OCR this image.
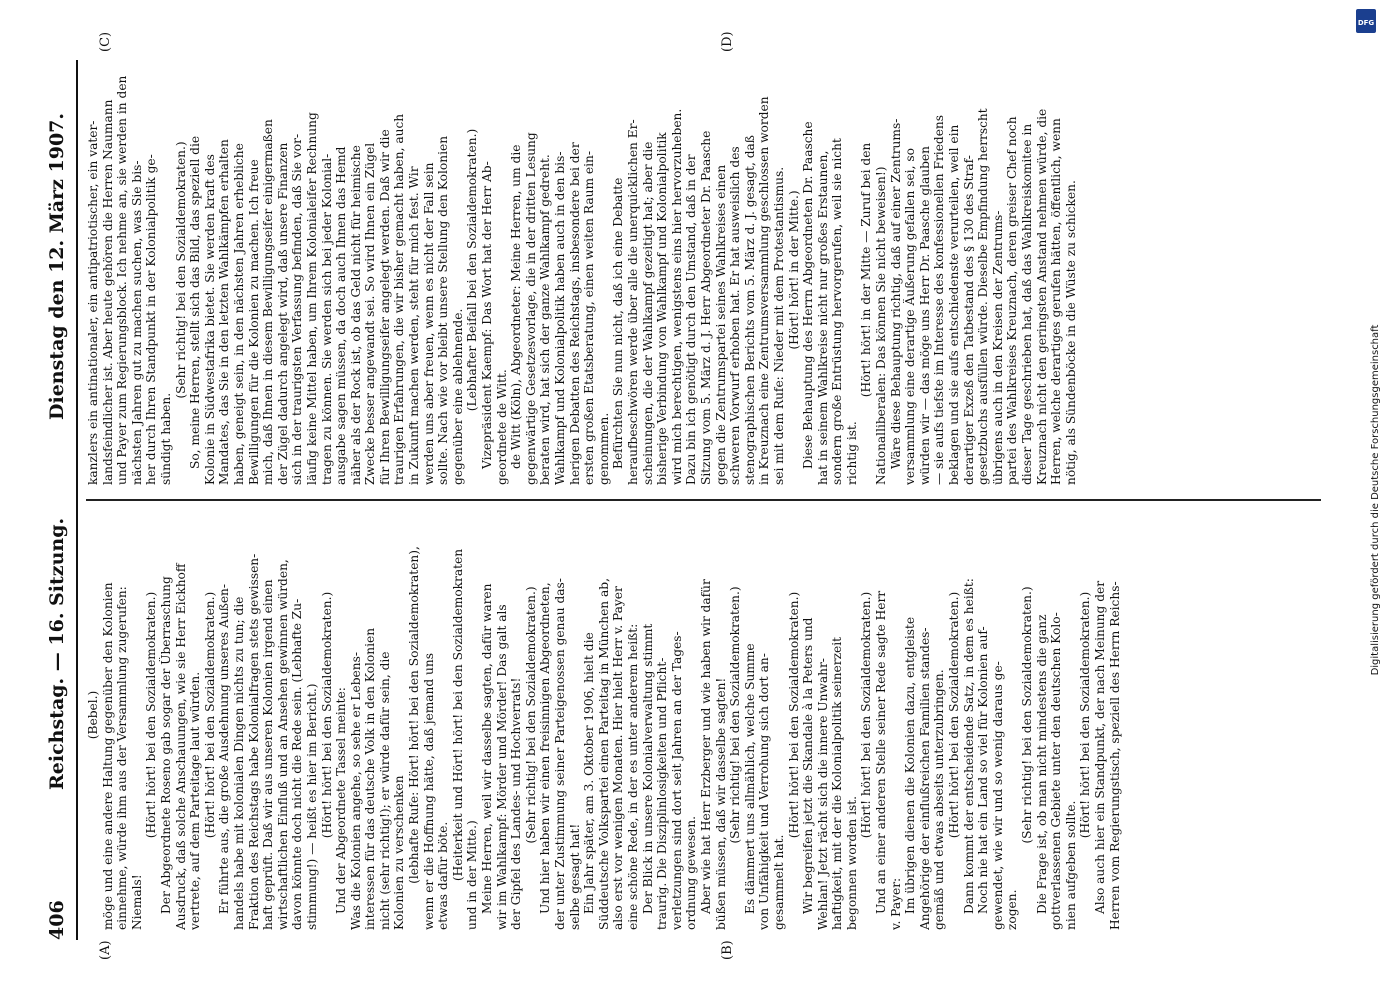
406
Reichstag. — 16. Sitzung.
Dienstag den 12. März 1907.
(Bebel.) möge und eine andere Haltung gegenüber den Kolonien einnehme, würde ihm aus der Versammlung zugerufen: Niemals!
(Hört! hört! bei den Sozialdemokraten.) Der Abgeordnete Roseno gab sogar der Überraschung Ausdruck, daß solche Anschauungen, wie sie Herr Eickhoff vertrete, auf dem Parteitage laut würden. (Hört! hört! bei den Sozialdemokraten.) Er führte aus, die große Ausdehnung unseres Außen- handels habe mit kolonialen Dingen nichts zu tun; die Fraktion des Reichstags habe Kolonialfragen stets gewissen- haft geprüft. Daß wir aus unseren Kolonien irgend einen wirtschaftlichen Einfluß und an Ansehen gewinnen würden, davon könnte doch nicht die Rede sein. (Lebhafte Zu- stimmung!) — heißt es hier im Bericht.) (Hört! hört! bei den Sozialdemokraten.) Und der Abgeordnete Tassel meinte: Was die Kolonien angehe, so sehe er Lebens- interessen für das deutsche Volk in den Kolonien nicht (sehr richtig!); er würde dafür sein, die Kolonien zu verschenken (lebhafte Rufe: Hört! hört! bei den Sozialdemokraten), wenn er die Hoffnung hätte, daß jemand uns etwas dafür böte. (Heiterkeit und Hört! hört! bei den Sozialdemokraten und in der Mitte.) Meine Herren, weil wir dasselbe sagten, dafür waren wir im Wahlkampf: Mörder und Mörder! Das galt als der Gipfel des Landes- und Hochverrats! (Sehr richtig! bei den Sozialdemokraten.) Und hier haben wir einen freisinnigen Abgeordneten, der unter Zustimmung seiner Parteigenossen genau das- selbe gesagt hat! Ein Jahr später, am 3. Oktober 1906, hielt die Süddeutsche Volkspartei einen Parteitag in München ab, also erst vor wenigen Monaten. Hier hielt Herr v. Payer eine schöne Rede, in der es unter anderem heißt: Der Blick in unsere Kolonialverwaltung stimmt traurig. Die Disziplinlosigkeiten und Pflicht- verletzungen sind dort seit Jahren an der Tages- ordnung gewesen. Aber wie hat Herr Erzberger und wie haben wir dafür büßen müssen, daß wir dasselbe sagten! (Sehr richtig! bei den Sozialdemokraten.) Es dämmert uns allmählich, welche Summe von Unfähigkeit und Verrohung sich dort an- gesammelt hat.
(Hört! hört! bei den Sozialdemokraten.) Wir begreifen jetzt die Skandale à la Peters und Wehlan! Jetzt rächt sich die innere Unwahr- haftigkeit, mit der die Kolonialpolitik seinerzeit begonnen worden ist.
(Hört! hört! bei den Sozialdemokraten.) Und an einer anderen Stelle seiner Rede sagte Herr v. Payer: Im übrigen dienen die Kolonien dazu, entgleiste Angehörige der einflußreichen Familien standes- gemäß und etwas abseits unterzubringen. (Hört! hört! bei den Sozialdemokraten.) Dann kommt der entscheidende Satz, in dem es heißt: Noch nie hat ein Land so viel für Kolonien auf- gewendet, wie wir und so wenig daraus ge- zogen.
(Sehr richtig! bei den Sozialdemokraten.) Die Frage ist, ob man nicht mindestens die ganz gottverlassenen Gebiete unter den deutschen Kolo- nien aufgeben sollte.
(Hört! hört! bei den Sozialdemokraten.) Also auch hier ein Standpunkt, der nach Meinung der Herren vom Regierungstisch, speziell des Herrn Reichs-
kanzlers ein antinationaler, ein antipatriotischer, ein vater- landsfeindlicher ist. Aber heute gehören die Herren Naumann und Payer zum Regierungsblock. Ich nehme an, sie werden in den nächsten Jahren gut zu machen suchen, was Sie bis- her durch Ihren Standpunkt in der Kolonialpolitik ge- sündigt haben.
(Sehr richtig! bei den Sozialdemokraten.) So, meine Herren, stellt sich das Bild, das speziell die Kolonie in Südwestafrika bietet. Sie werden kraft des Mandates, das Sie in den letzten Wahlkämpfen erhalten haben, geneigt sein, in den nächsten Jahren erhebliche Bewilligungen für die Kolonien zu machen. Ich freue mich, daß Ihnen in diesem Bewilligungseifer einigermaßen der Zügel dadurch angelegt wird, daß unsere Finanzen sich in der traurigsten Verfassung befinden, daß Sie vor- läufig keine Mittel haben, um Ihrem Kolonialeifer Rechnung tragen zu können. Sie werden sich bei jeder Kolonial- ausgabe sagen müssen, da doch auch Ihnen das Hemd näher als der Rock ist, ob das Geld nicht für heimische Zwecke besser angewandt sei. So wird Ihnen ein Zügel für Ihren Bewilligungseifer angelegt werden. Daß wir die traurigen Erfahrungen, die wir bisher gemacht haben, auch in Zukunft machen werden, steht für mich fest. Wir werden uns aber freuen, wenn es nicht der Fall sein sollte. Nach wie vor bleibt unsere Stellung den Kolonien gegenüber eine ablehnende. (Lebhafter Beifall bei den Sozialdemokraten.) Vizepräsident Kaempf: Das Wort hat der Herr Ab- geordnete de Witt. de Witt (Köln), Abgeordneter: Meine Herren, um die gegenwärtige Gesetzesvorlage, die in der dritten Lesung beraten wird, hat sich der ganze Wahlkampf gedreht. Wahlkampf und Kolonialpolitik haben auch in den bis- herigen Debatten des Reichstags, insbesondere bei der ersten großen Etatsberatung, einen weiten Raum ein- genommen. Befürchten Sie nun nicht, daß ich eine Debatte heraufbeschwören werde über alle die unerquicklichen Er- scheinungen, die der Wahlkampf gezeitigt hat; aber die bisherige Verbindung von Wahlkampf und Kolonialpolitik wird mich berechtigen, wenigstens eins hier hervorzuheben. Dazu bin ich genötigt durch den Umstand, daß in der Sitzung vom 5. März d. J. Herr Abgeordneter Dr. Paasche gegen die Zentrumspartei seines Wahlkreises einen schweren Vorwurf erhoben hat. Er hat ausweislich des stenographischen Berichts vom 5. März d. J. gesagt, daß in Kreuznach eine Zentrumsversammlung geschlossen worden sei mit dem Rufe: Nieder mit dem Protestantismus. (Hört! hört! in der Mitte.) Diese Behauptung des Herrn Abgeordneten Dr. Paasche hat in seinem Wahlkreise nicht nur großes Erstaunen, sondern große Entrüstung hervorgerufen, weil sie nicht richtig ist.
(Hört! hört! in der Mitte — Zuruf bei den Nationalliberalen: Das können Sie nicht beweisen!) Wäre diese Behauptung richtig, daß auf einer Zentrums- versammlung eine derartige Äußerung gefallen sei, so würden wir — das möge uns Herr Dr. Paasche glauben — sie aufs tiefste im Interesse des konfessionellen Friedens beklagen und sie aufs entschiedenste verurteilen, weil ein derartiger Exzeß den Tatbestand des § 130 des Straf- gesetzbuchs ausfüllen würde. Dieselbe Empfindung herrscht übrigens auch in den Kreisen der Zentrums- partei des Wahlkreises Kreuznach, deren greiser Chef noch dieser Tage geschrieben hat, daß das Wahlkreiskomitee in Kreuznach nicht den geringsten Anstand nehmen würde, die Herren, welche derartiges gerufen hätten, öffentlich, wenn nötig, als Sündenböcke in die Wüste zu schicken.
(A)	(B)
(C)	(D)
DFG
Digitalisierung gefördert durch die Deutsche Forschungsgemeinschaft
